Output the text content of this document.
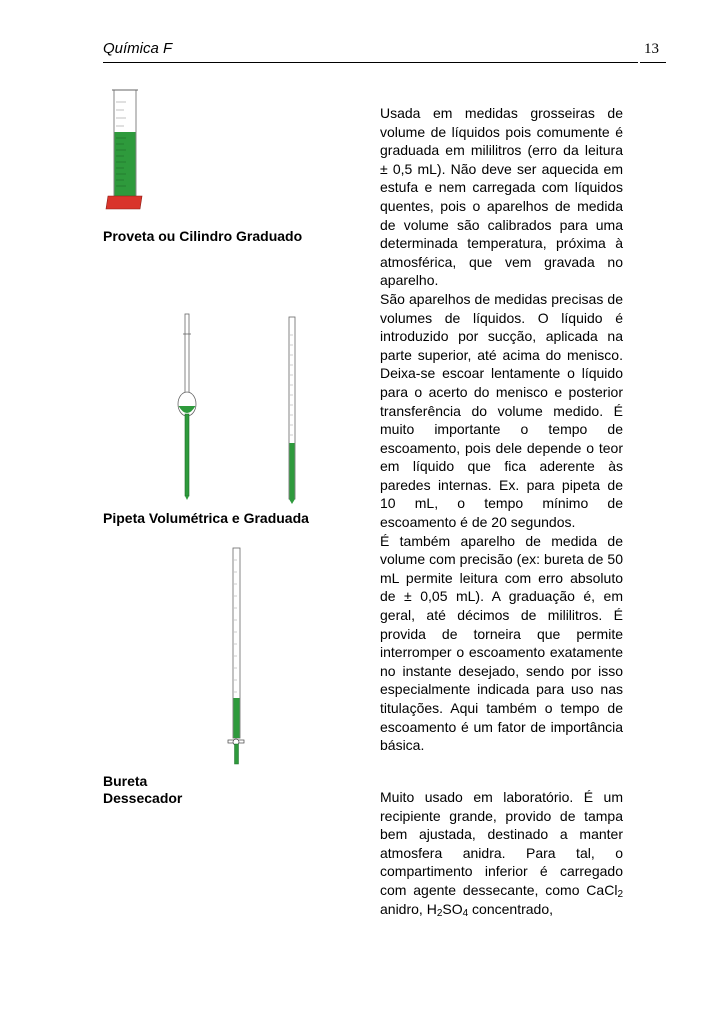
Química F	13
Proveta ou Cilindro Graduado
Pipeta Volumétrica e Graduada
Bureta
Dessecador

Usada em medidas grosseiras de volume de líquidos pois comumente é graduada em mililitros (erro da leitura ± 0,5 mL). Não deve ser aquecida em estufa e nem carregada com líquidos quentes, pois o aparelhos de medida de volume são calibrados para uma determinada temperatura, próxima à atmosférica, que vem gravada no aparelho.

São aparelhos de medidas precisas de volumes de líquidos. O líquido é introduzido por sucção, aplicada na parte superior, até acima do menisco. Deixa-se escoar lentamente o líquido para o acerto do menisco e posterior transferência do volume medido. É muito importante o tempo de escoamento, pois dele depende o teor em líquido que fica aderente às paredes internas. Ex. para pipeta de 10 mL, o tempo mínimo de escoamento é de 20 segundos.

É também aparelho de medida de volume com precisão (ex: bureta de 50 mL permite leitura com erro absoluto de ± 0,05 mL). A graduação é, em geral, até décimos de mililitros. É provida de torneira que permite interromper o escoamento exatamente no instante desejado, sendo por isso especialmente indicada para uso nas titulações. Aqui também o tempo de escoamento é um fator de importância básica.

Muito usado em laboratório. É um recipiente grande, provido de tampa bem ajustada, destinado a manter atmosfera anidra. Para tal, o compartimento inferior é carregado com agente dessecante, como CaCl$_2$ anidro, $H_2SO_4$ concentrado,
